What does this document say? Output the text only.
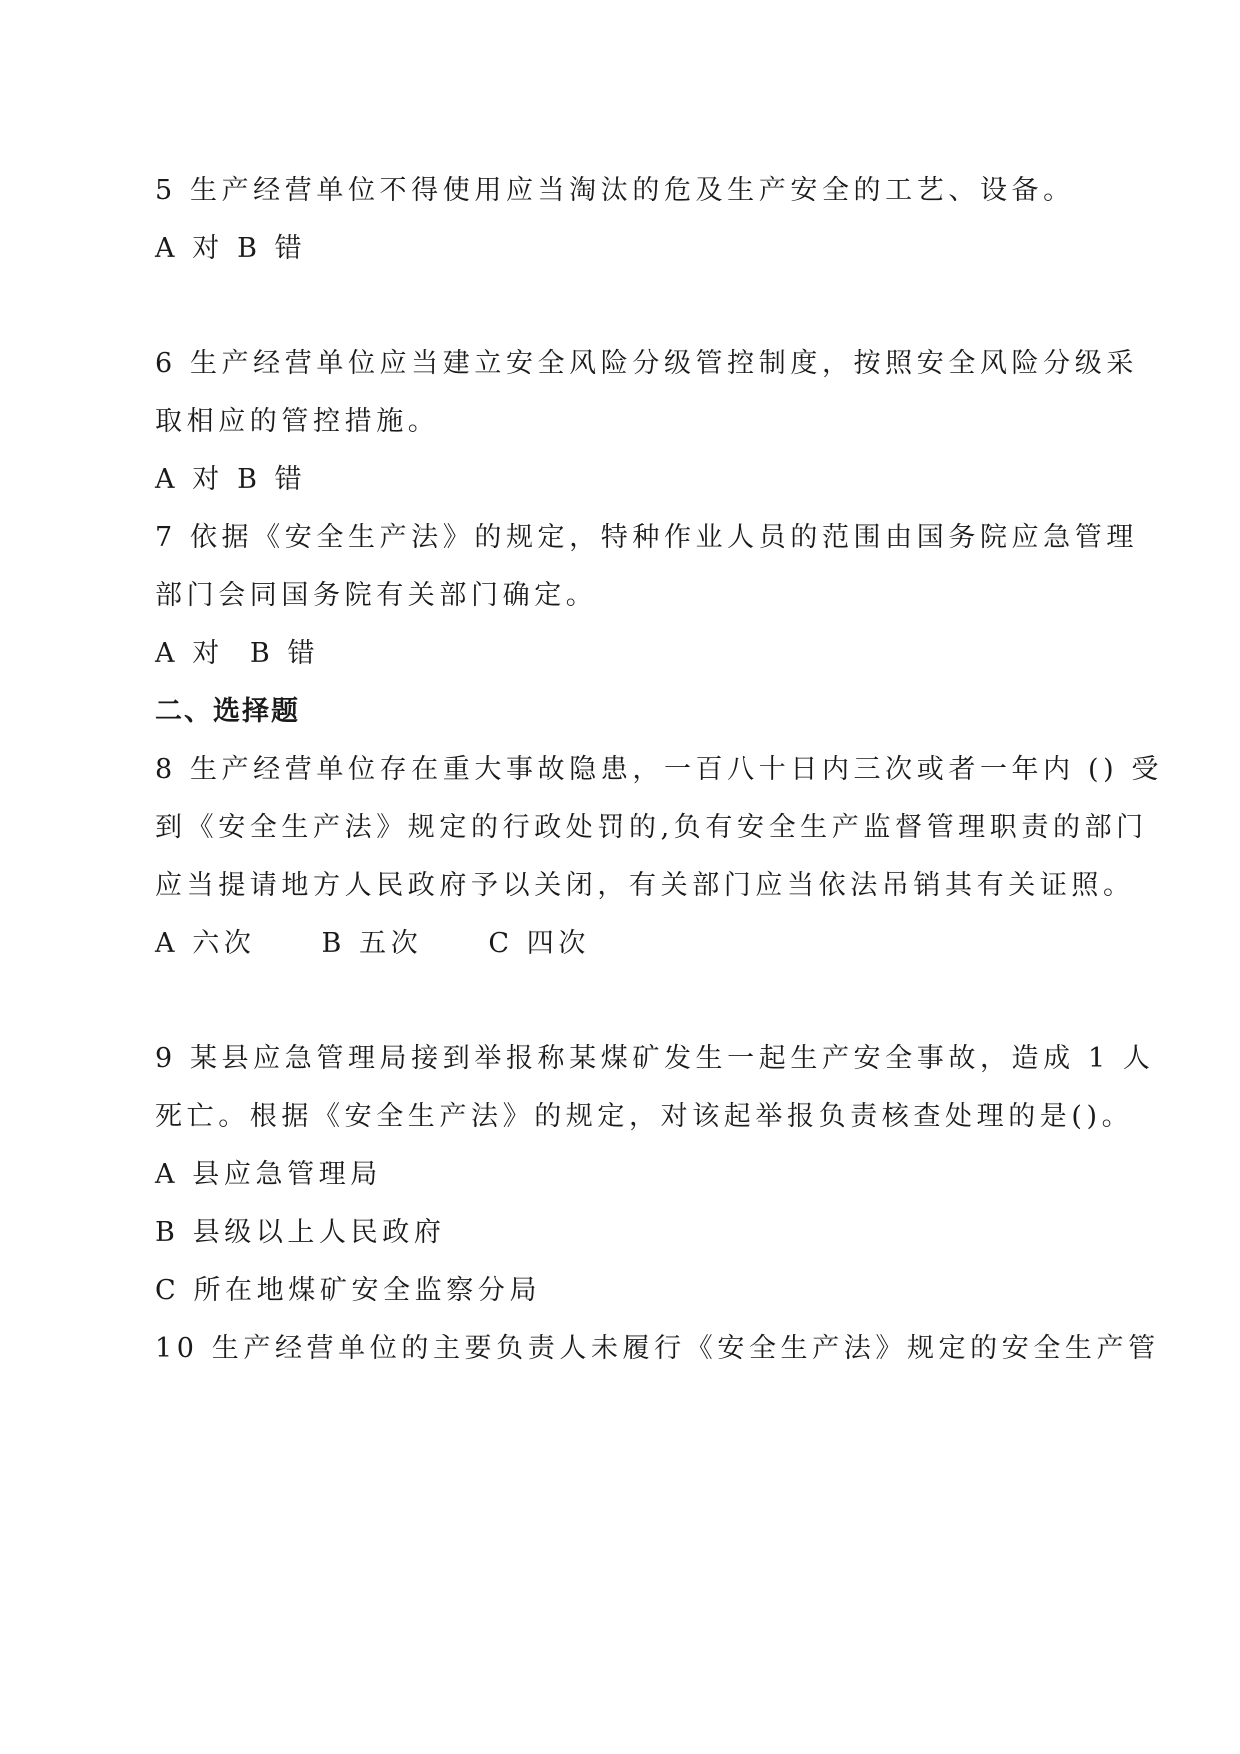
5 生产经营单位不得使用应当淘汰的危及生产安全的工艺、设备。
A 对 B 错
6 生产经营单位应当建立安全风险分级管控制度，按照安全风险分级采
取相应的管控措施。
A 对 B 错
7 依据《安全生产法》的规定，特种作业人员的范围由国务院应急管理
部门会同国务院有关部门确定。
A 对 B 错
二、选择题
8 生产经营单位存在重大事故隐患，一百八十日内三次或者一年内 () 受
到《安全生产法》规定的行政处罚的,负有安全生产监督管理职责的部门
应当提请地方人民政府予以关闭，有关部门应当依法吊销其有关证照。
A 六次 B 五次 C 四次
9 某县应急管理局接到举报称某煤矿发生一起生产安全事故，造成 1 人
死亡。根据《安全生产法》的规定，对该起举报负责核查处理的是()。
A 县应急管理局
B 县级以上人民政府
C 所在地煤矿安全监察分局
10 生产经营单位的主要负责人未履行《安全生产法》规定的安全生产管
